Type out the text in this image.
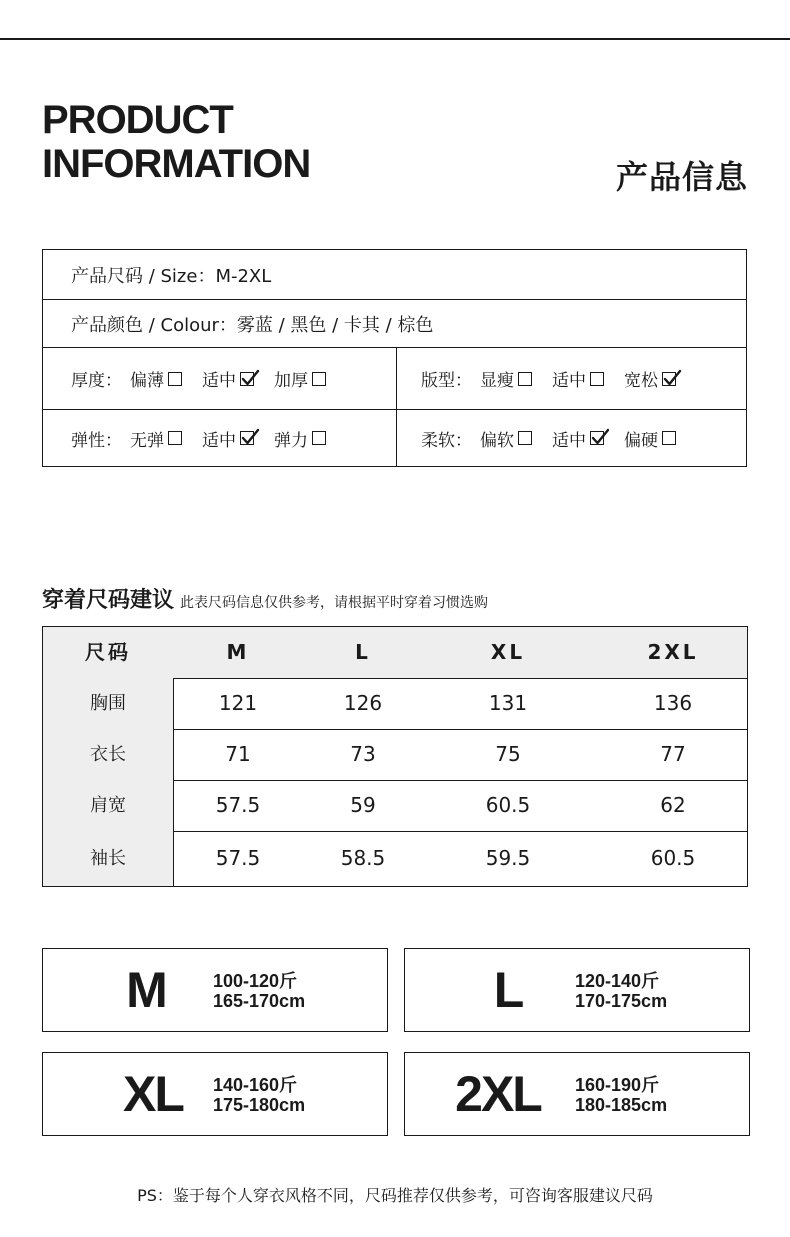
PRODUCT
INFORMATION	产品信息
产品尺码 / Size：M-2XL
产品颜色 / Colour：雾蓝 / 黑色 / 卡其 / 棕色
厚度： 偏薄 适中 加厚	版型： 显瘦 适中 宽松
弹性： 无弹 适中 弹力	柔软： 偏软 适中 偏硬
穿着尺码建议 此表尺码信息仅供参考，请根据平时穿着习惯选购
尺码	M	L	XL	2XL
胸围	121	126	131	136
衣长	71	73	75	77
肩宽	57.5	59	60.5	62
袖长	57.5	58.5	59.5	60.5
M	100-120斤
165-170cm	L	120-140斤
170-175cm
XL 140-160斤
175-180cm	2XL 160-190斤
180-185cm
PS：鉴于每个人穿衣风格不同，尺码推荐仅供参考，可咨询客服建议尺码
